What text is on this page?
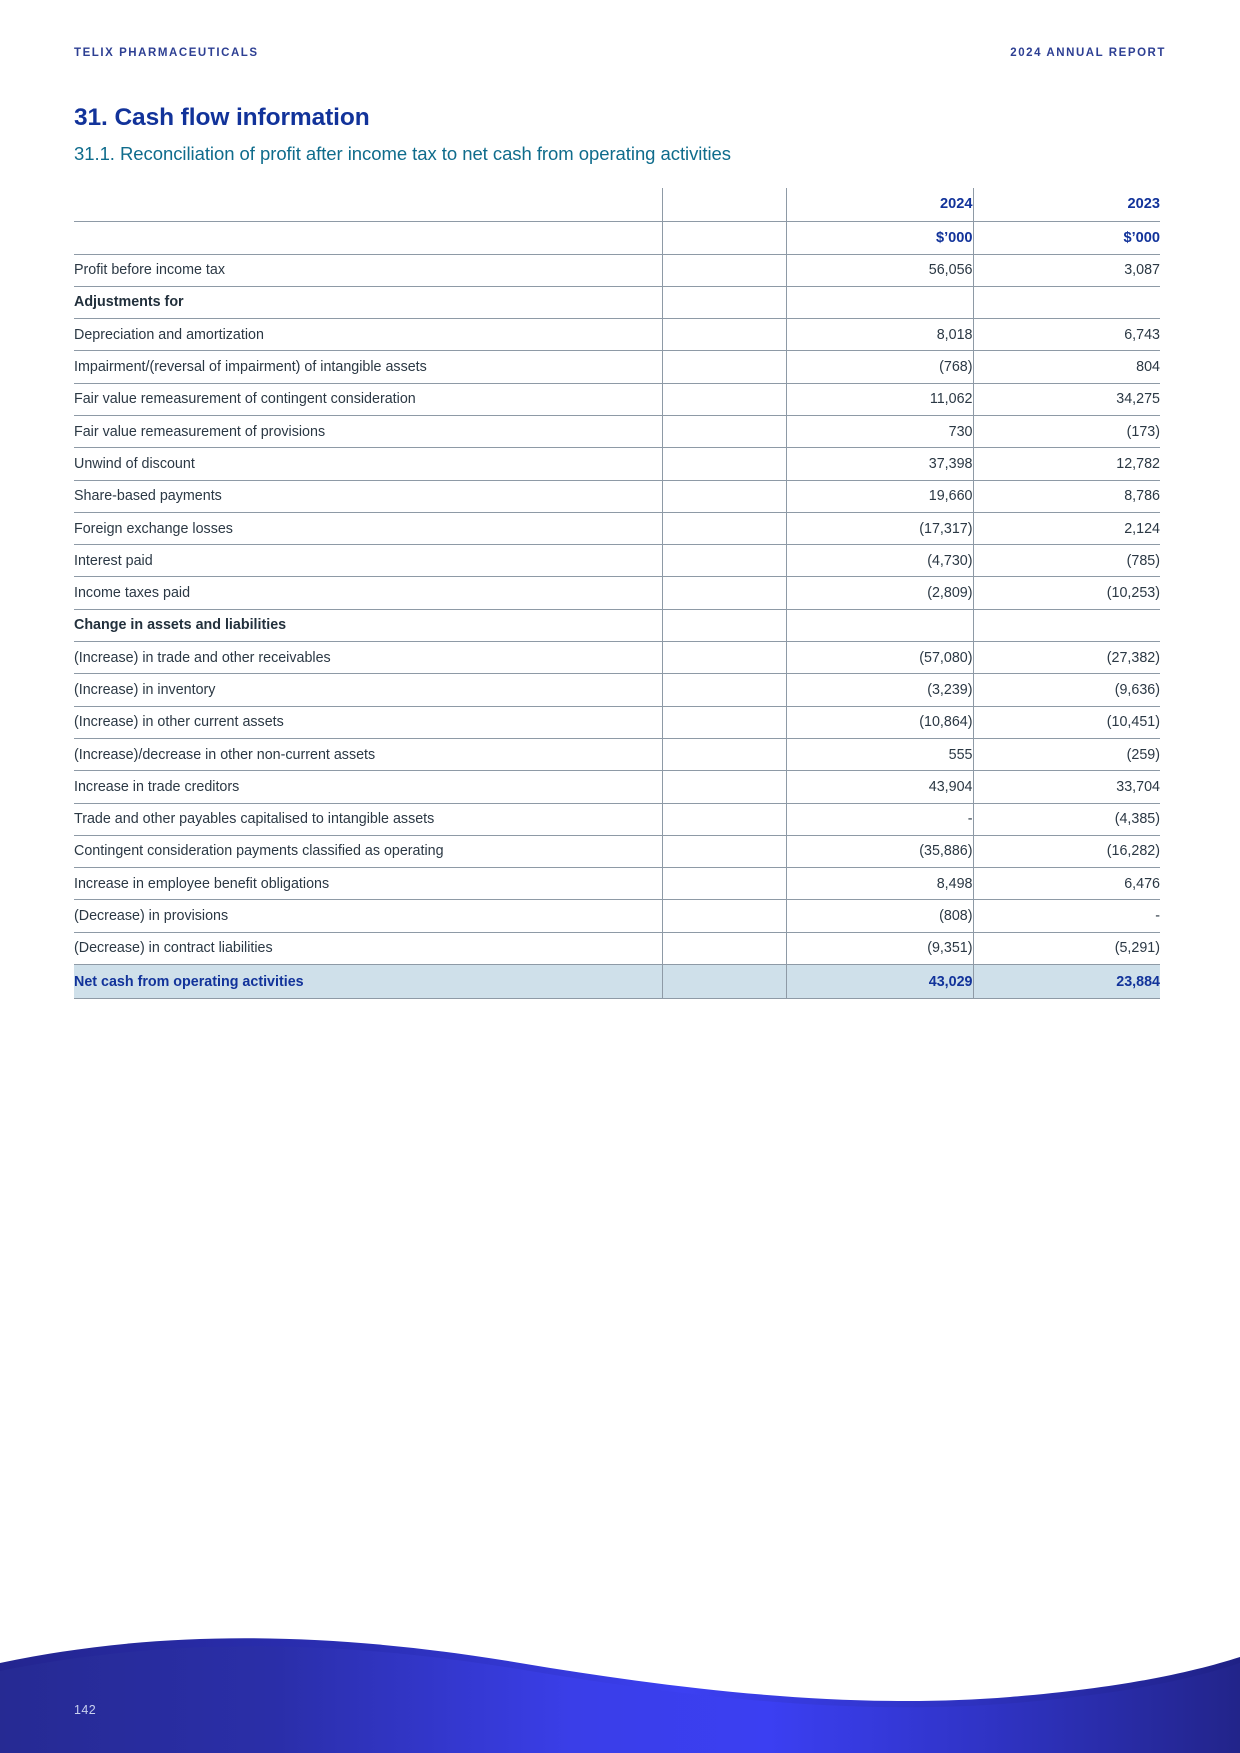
TELIX PHARMACEUTICALS	2024 ANNUAL REPORT
31. Cash flow information
31.1. Reconciliation of profit after income tax to net cash from operating activities
		2024	2023
		$’000	$’000
Profit before income tax		56,056	3,087
Adjustments for			
Depreciation and amortization		8,018	6,743
Impairment/(reversal of impairment) of intangible assets		(768)	804
Fair value remeasurement of contingent consideration		11,062	34,275
Fair value remeasurement of provisions		730	(173)
Unwind of discount		37,398	12,782
Share-based payments		19,660	8,786
Foreign exchange losses		(17,317)	2,124
Interest paid		(4,730)	(785)
Income taxes paid		(2,809)	(10,253)
Change in assets and liabilities			
(Increase) in trade and other receivables		(57,080)	(27,382)
(Increase) in inventory		(3,239)	(9,636)
(Increase) in other current assets		(10,864)	(10,451)
(Increase)/decrease in other non-current assets		555	(259)
Increase in trade creditors		43,904	33,704
Trade and other payables capitalised to intangible assets		-	(4,385)
Contingent consideration payments classified as operating		(35,886)	(16,282)
Increase in employee benefit obligations		8,498	6,476
(Decrease) in provisions		(808)	-
(Decrease) in contract liabilities		(9,351)	(5,291)
Net cash from operating activities		43,029	23,884
142
